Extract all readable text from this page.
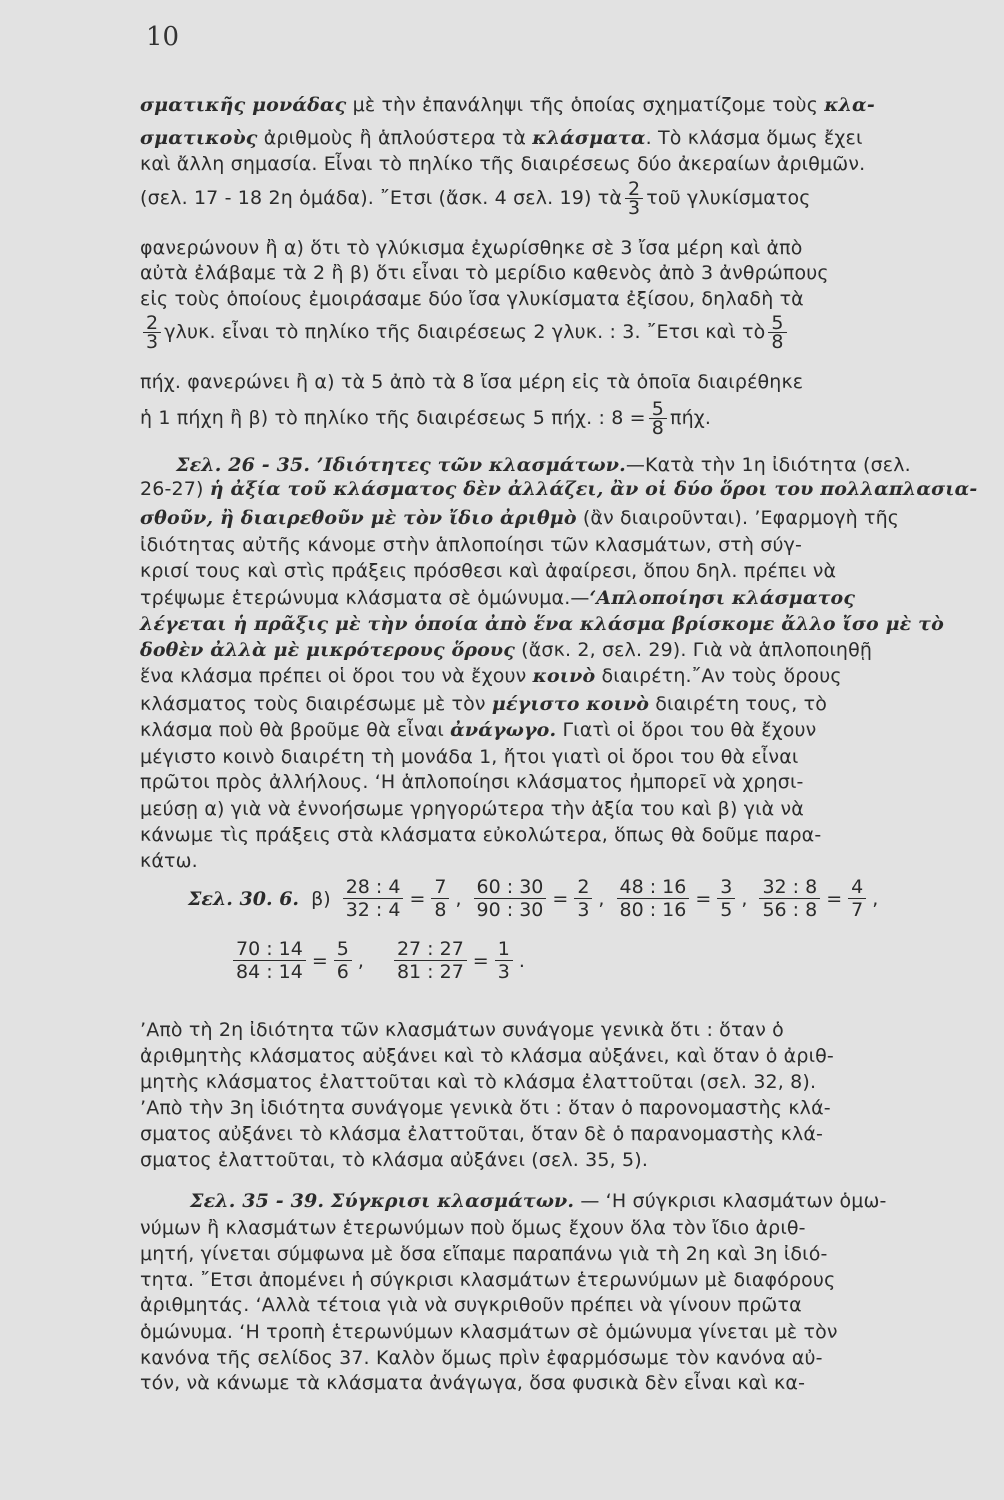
10
σματικῆς μονάδας μὲ τὴν ἐπανάληψι τῆς ὁποίας σχηματίζομε τοὺς κλα-
σματικοὺς ἀριθμοὺς ἢ ἁπλούστερα τὰ κλάσματα. Τὸ κλάσμα ὅμως ἔχει
καὶ ἄλλη σημασία. Εἶναι τὸ πηλίκο τῆς διαιρέσεως δύο ἀκεραίων ἀριθμῶν.
(σελ. 17 - 18 2η ὁμάδα). ῎Ετσι (ἄσκ. 4 σελ. 19) τὰ $\frac{2}{3}$ τοῦ γλυκίσματος
φανερώνουν ἢ α) ὅτι τὸ γλύκισμα ἐχωρίσθηκε σὲ 3 ἴσα μέρη καὶ ἀπὸ
αὐτὰ ἐλάβαμε τὰ 2 ἢ β) ὅτι εἶναι τὸ μερίδιο καθενὸς ἀπὸ 3 ἀνθρώπους
εἰς τοὺς ὁποίους ἐμοιράσαμε δύο ἴσα γλυκίσματα ἐξίσου, δηλαδὴ τὰ
$\frac{2}{3} \gamma\lambda\upsilon\kappa$. εἶναι τὸ πηλίκο τῆς διαιρέσεως 2 γλυκ. : 3. ῎Ετσι καὶ τὸ $\frac{5}{8}$
πήχ. φανερώνει ἢ α) τὰ 5 ἀπὸ τὰ 8 ἴσα μέρη εἰς τὰ ὁποῖα διαιρέθηκε
ἡ 1 πήχη ἢ β) τὸ πηλίκο τῆς διαιρέσεως 5 πήχ. : $8 = \frac{5}{8} \pi ή\chi$.
Σελ. 26 - 35. ’Ιδιότητες τῶν κλασμάτων.—Κατὰ τὴν 1η ἰδιότητα (σελ.
26-27) ἡ ἀξία τοῦ κλάσματος δὲν ἀλλάζει, ἂν οἱ δύο ὅροι του πολλαπλασια-
σθοῦν, ἢ διαιρεθοῦν μὲ τὸν ἴδιο ἀριθμὸ (ἂν διαιροῦνται). ’Εφαρμογὴ τῆς
ἰδιότητας αὐτῆς κάνομε στὴν ἁπλοποίησι τῶν κλασμάτων, στὴ σύγ-
κρισί τους καὶ στὶς πράξεις πρόσθεσι καὶ ἀφαίρεσι, ὅπου δηλ. πρέπει νὰ
τρέψωμε ἑτερώνυμα κλάσματα σὲ ὁμώνυμα.—‘Απλοποίησι κλάσματος
λέγεται ἡ πρᾶξις μὲ τὴν ὁποία ἀπὸ ἕνα κλάσμα βρίσκομε ἄλλο ἴσο μὲ τὸ
δοθὲν ἀλλὰ μὲ μικρότερους ὅρους (ἄσκ. 2, σελ. 29). Γιὰ νὰ ἁπλοποιηθῇ
ἕνα κλάσμα πρέπει οἱ ὅροι του νὰ ἔχουν κοινὸ διαιρέτη.῎Αν τοὺς ὅρους
κλάσματος τοὺς διαιρέσωμε μὲ τὸν μέγιστο κοινὸ διαιρέτη τους, τὸ
κλάσμα ποὺ θὰ βροῦμε θὰ εἶναι ἀνάγωγο. Γιατὶ οἱ ὅροι του θὰ ἔχουν
μέγιστο κοινὸ διαιρέτη τὴ μονάδα 1, ἤτοι γιατὶ οἱ ὅροι του θὰ εἶναι
πρῶτοι πρὸς ἀλλήλους. ‘Η ἁπλοποίησι κλάσματος ἠμπορεῖ νὰ χρησι-
μεύσῃ α) γιὰ νὰ ἐννοήσωμε γρηγορώτερα τὴν ἀξία του καὶ β) γιὰ νὰ
κάνωμε τὶς πράξεις στὰ κλάσματα εὐκολώτερα, ὅπως θὰ δοῦμε παρα-
κάτω.
Σελ. 30. 6. $\beta) \frac{28 : 4}{32 : 4} = \frac{7}{8}$ , $\frac{60 : 30}{90 : 30} = \frac{2}{3}$ , $\frac{48 : 16}{80 : 16} = \frac{3}{5}$ , $\frac{32 : 8}{56 : 8} = \frac{4}{7}$ ,
$\frac{70 : 14}{84 : 14} = \frac{5}{6}$ , $\frac{27 : 27}{81 : 27} = \frac{1}{3}$ .
’Απὸ τὴ 2η ἰδιότητα τῶν κλασμάτων συνάγομε γενικὰ ὅτι : ὅταν ὁ
ἀριθμητὴς κλάσματος αὐξάνει καὶ τὸ κλάσμα αὐξάνει, καὶ ὅταν ὁ ἀριθ-
μητὴς κλάσματος ἐλαττοῦται καὶ τὸ κλάσμα ἐλαττοῦται (σελ. 32, 8).
’Απὸ τὴν 3η ἰδιότητα συνάγομε γενικὰ ὅτι : ὅταν ὁ παρονομαστὴς κλά-
σματος αὐξάνει τὸ κλάσμα ἐλαττοῦται, ὅταν δὲ ὁ παρανομαστὴς κλά-
σματος ἐλαττοῦται, τὸ κλάσμα αὐξάνει (σελ. 35, 5).
Σελ. 35 - 39. Σύγκρισι κλασμάτων. — ‘Η σύγκρισι κλασμάτων ὁμω-
νύμων ἢ κλασμάτων ἑτερωνύμων ποὺ ὅμως ἔχουν ὅλα τὸν ἴδιο ἀριθ-
μητή, γίνεται σύμφωνα μὲ ὅσα εἴπαμε παραπάνω γιὰ τὴ 2η καὶ 3η ἰδιό-
τητα. ῎Ετσι ἀπομένει ἡ σύγκρισι κλασμάτων ἑτερωνύμων μὲ διαφόρους
ἀριθμητάς. ‘Αλλὰ τέτοια γιὰ νὰ συγκριθοῦν πρέπει νὰ γίνουν πρῶτα
ὁμώνυμα. ‘Η τροπὴ ἑτερωνύμων κλασμάτων σὲ ὁμώνυμα γίνεται μὲ τὸν
κανόνα τῆς σελίδος 37. Καλὸν ὅμως πρὶν ἐφαρμόσωμε τὸν κανόνα αὐ-
τόν, νὰ κάνωμε τὰ κλάσματα ἀνάγωγα, ὅσα φυσικὰ δὲν εἶναι καὶ κα-
